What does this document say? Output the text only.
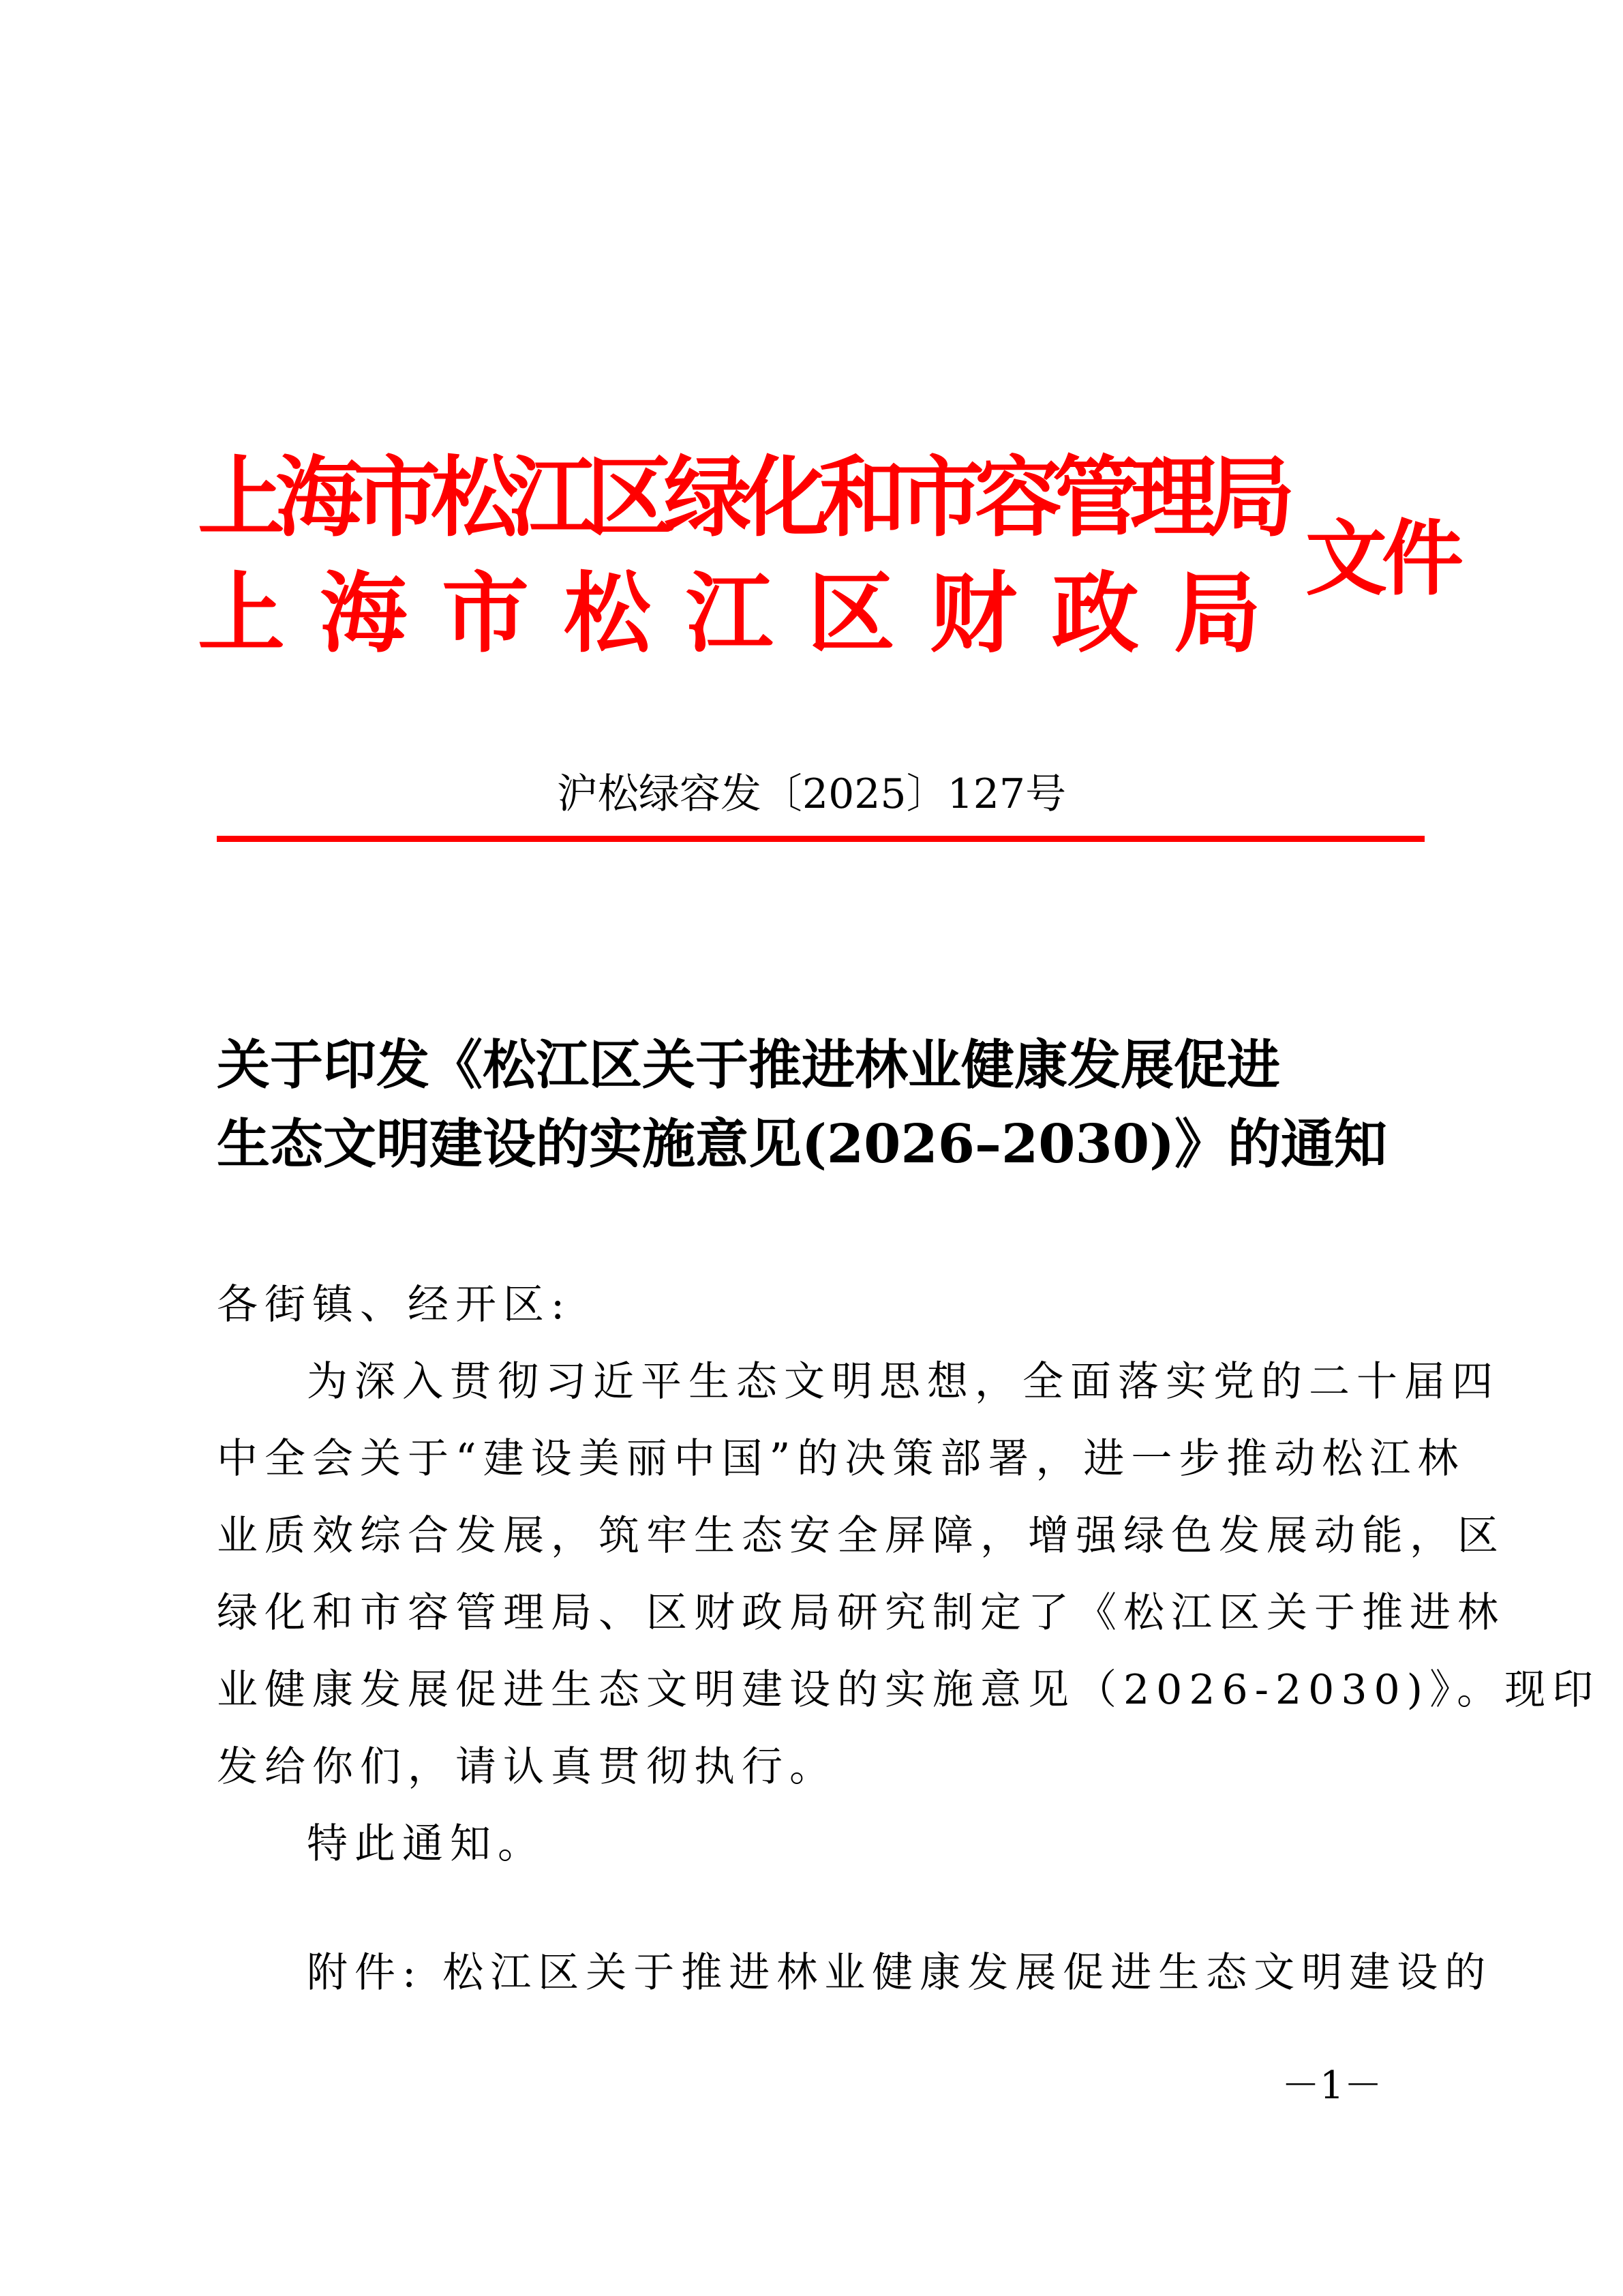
上海市松江区绿化和市容管理局
上 海 市 松 江 区 财 政 局
文件
沪松绿容发〔2025〕127号
关于印发《松江区关于推进林业健康发展促进
生态文明建设的实施意见(2026–2030)》的通知
各街镇、经开区:
为深入贯彻习近平生态文明思想，全面落实党的二十届四
中全会关于“建设美丽中国”的决策部署，进一步推动松江林
业质效综合发展，筑牢生态安全屏障，增强绿色发展动能，区
绿化和市容管理局、区财政局研究制定了《松江区关于推进林
业健康发展促进生态文明建设的实施意见（2026-2030)》。现印
发给你们，请认真贯彻执行。
特此通知。
附件: 松江区关于推进林业健康发展促进生态文明建设的
－1－
